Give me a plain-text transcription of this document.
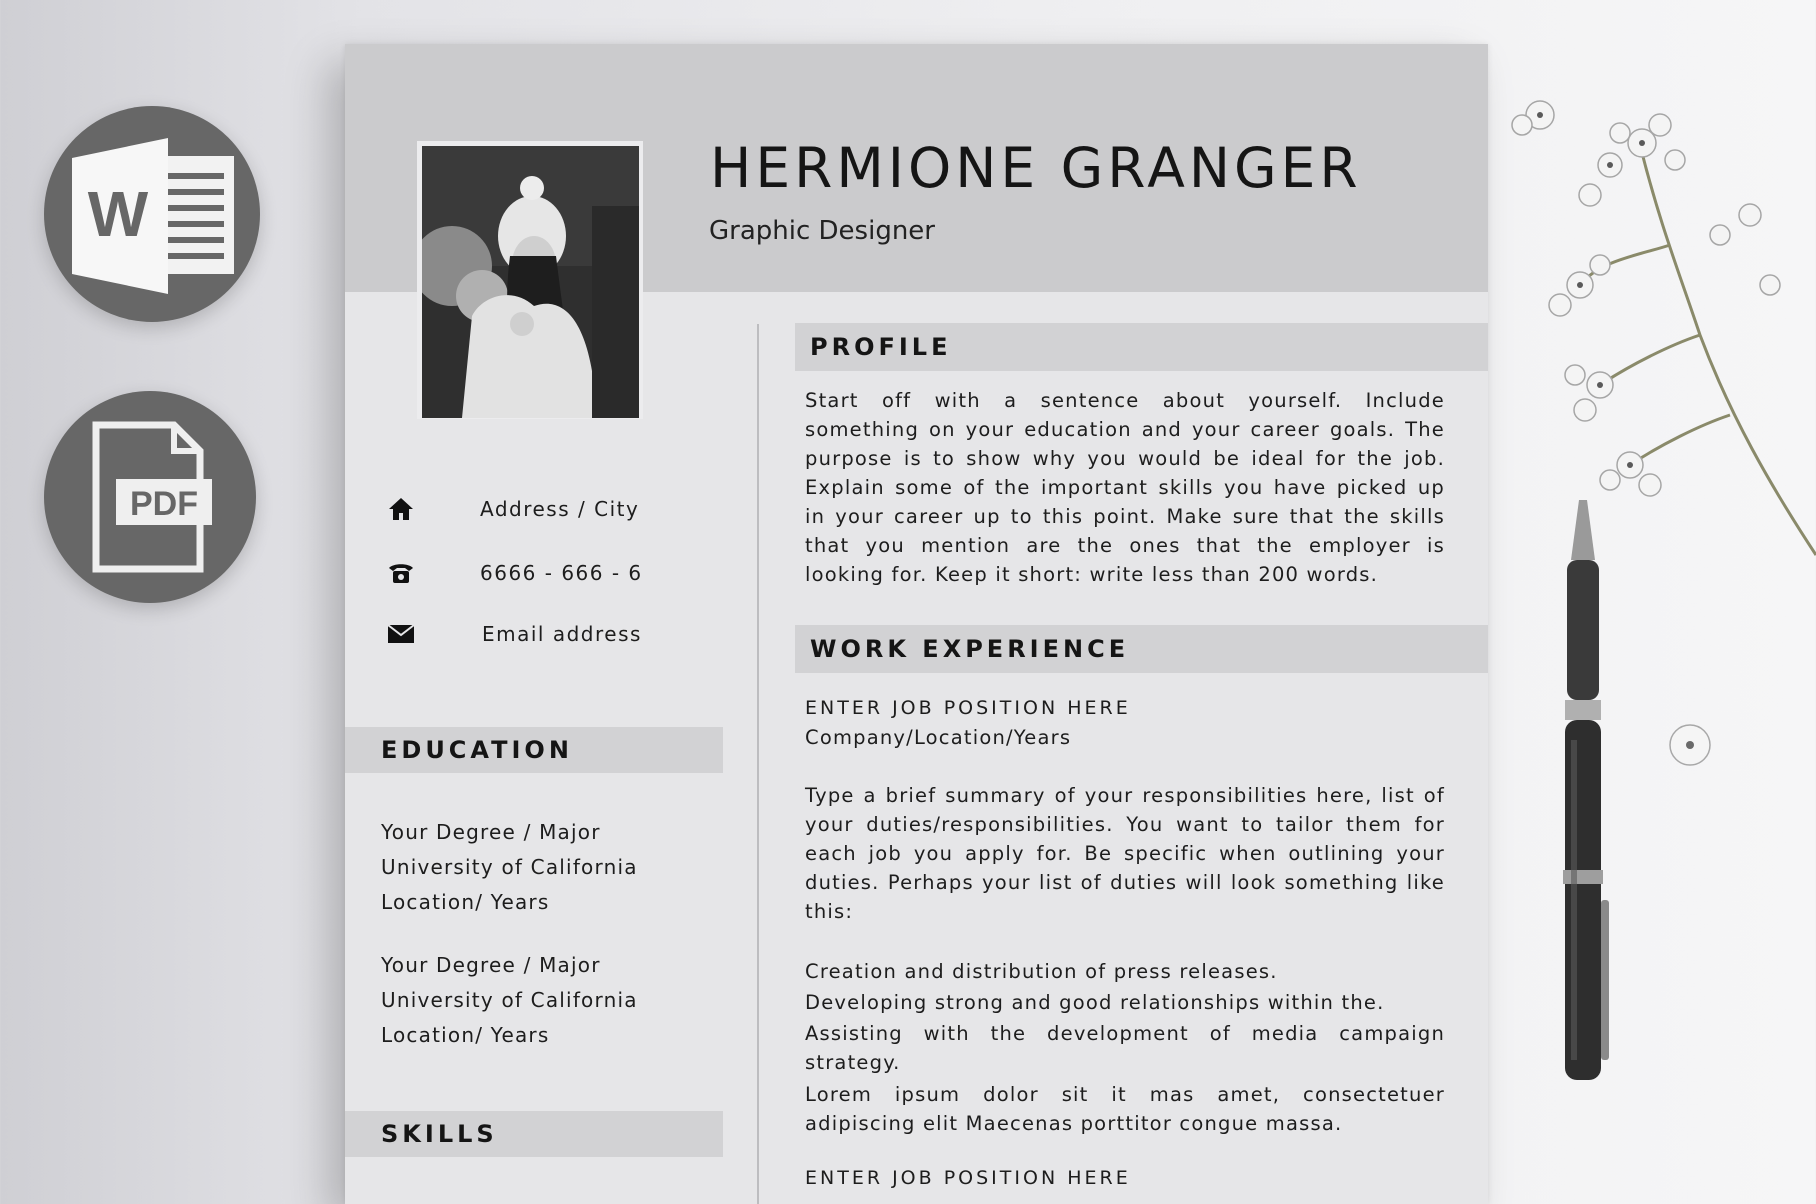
W
PDF
HERMIONE GRANGER
Graphic Designer
Address / City
6666 - 666 - 6
Email address
EDUCATION
Your Degree / Major
University of California
Location/ Years
Your Degree / Major
University of California
Location/ Years
SKILLS
PROFILE

Start off with a sentence about yourself. Include something on your education and your career goals. The purpose is to show why you would be ideal for the job. Explain some of the important skills you have picked up in your career up to this point. Make sure that the skills that you mention are the ones that the employer is looking for. Keep it short: write less than 200 words.

WORK EXPERIENCE
ENTER JOB POSITION HERE
Company/Location/Years

Type a brief summary of your responsibilities here, list of your duties/responsibilities. You want to tailor them for each job you apply for. Be specific when outlining your duties. Perhaps your list of duties will look something like this:

Creation and distribution of press releases.
Developing strong and good relationships within the.

Assisting with the development of media campaign strategy.

Lorem ipsum dolor sit it mas amet, consectetuer adipiscing elit Maecenas porttitor congue massa.

ENTER JOB POSITION HERE
